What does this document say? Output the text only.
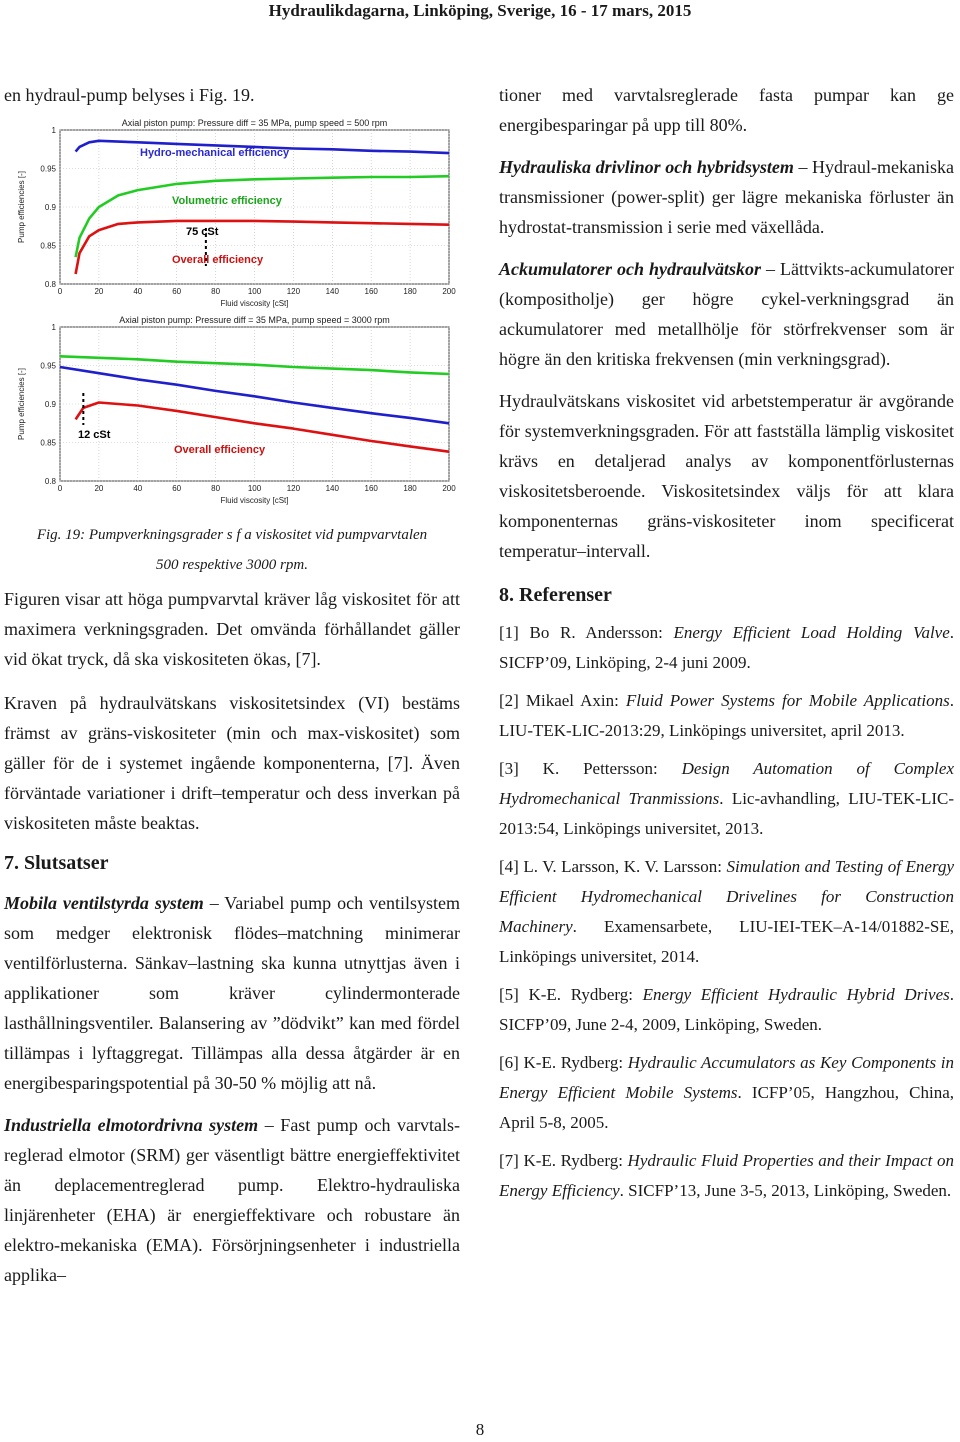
Hydraulikdagarna, Linköping, Sverige, 16 - 17 mars, 2015

en hydraul-pump belyses i Fig. 19.

Axial piston pump: Pressure diff = 35 MPa, pump speed = 500 rpm
0	20	40	60	80	100	120	140	160	180	200
0.8
0.85
0.9
0.95
1
Fluid viscosity [cSt]
Pump efficiencies [-]
Hydro-mechanical efficiency
Volumetric efficiency
75 cSt
Overall efficiency
Axial piston pump: Pressure diff = 35 MPa, pump speed = 3000 rpm
0	20	40	60	80	100	120	140	160	180	200
0.8
0.85
0.9
0.95
1
Fluid viscosity [cSt]
Pump efficiencies [-]	12 cSt
Overall efficiency

Fig. 19: Pumpverkningsgrader s f a viskositet vid pumpvarvtalen

500 respektive 3000 rpm.

Figuren visar att höga pumpvarvtal kräver låg viskositet för att maximera verkningsgraden. Det omvända förhållandet gäller vid ökat tryck, då ska viskositeten ökas, [7].

Kraven på hydraulvätskans viskositetsindex (VI) bestäms främst av gräns-viskositeter (min och max-viskositet) som gäller för de i systemet ingående komponenterna, [7]. Även förväntade variationer i drift–temperatur och dess inverkan på viskositeten måste beaktas.

7. Slutsatser

Mobila ventilstyrda system – Variabel pump och ventilsystem som medger elektronisk flödes–matchning minimerar ventilförlusterna. Sänkav–lastning ska kunna utnyttjas även i applikationer som kräver cylindermonterade lasthållningsventiler. Balansering av ”dödvikt” kan med fördel tillämpas i lyftaggregat. Tillämpas alla dessa åtgärder är en energibesparingspotential på 30-50 % möjlig att nå.

Industriella elmotordrivna system – Fast pump och varvtals-reglerad elmotor (SRM) ger väsentligt bättre energieffektivitet än deplacementreglerad pump. Elektro-hydrauliska linjärenheter (EHA) är energieffektivare och robustare än elektro-mekaniska (EMA). Försörjningsenheter i industriella applika–

tioner med varvtalsreglerade fasta pumpar kan ge energibesparingar på upp till 80%.

Hydrauliska drivlinor och hybridsystem – Hydraul-mekaniska transmissioner (power-split) ger lägre mekaniska förluster än hydrostat-transmission i serie med växellåda.

Ackumulatorer och hydraulvätskor – Lättvikts-ackumulatorer (kompositholje) ger högre cykel-verkningsgrad än ackumulatorer med metallhölje för störfrekvenser som är högre än den kritiska frekvensen (min verkningsgrad).

Hydraulvätskans viskositet vid arbetstemperatur är avgörande för systemverkningsgraden. För att fastställa lämplig viskositet krävs en detaljerad analys av komponentförlusternas viskositetsberoende. Viskositetsindex väljs för att klara komponenternas gräns-viskositeter inom specificerat temperatur–intervall.

8. Referenser

[1] Bo R. Andersson: Energy Efficient Load Holding Valve. SICFP’09, Linköping, 2-4 juni 2009.

[2] Mikael Axin: Fluid Power Systems for Mobile Applications. LIU-TEK-LIC-2013:29, Linköpings universitet, april 2013.

[3] K. Pettersson: Design Automation of Complex Hydromechanical Tranmissions. Lic-avhandling, LIU-TEK-LIC-2013:54, Linköpings universitet, 2013.

[4] L. V. Larsson, K. V. Larsson: Simulation and Testing of Energy Efficient Hydromechanical Drivelines for Construction Machinery. Examensarbete, LIU-IEI-TEK–A-14/01882-SE, Linköpings universitet, 2014.

[5] K-E. Rydberg: Energy Efficient Hydraulic Hybrid Drives. SICFP’09, June 2-4, 2009, Linköping, Sweden.

[6] K-E. Rydberg: Hydraulic Accumulators as Key Components in Energy Efficient Mobile Systems. ICFP’05, Hangzhou, China, April 5-8, 2005.

[7] K-E. Rydberg: Hydraulic Fluid Properties and their Impact on Energy Efficiency. SICFP’13, June 3-5, 2013, Linköping, Sweden.

8
